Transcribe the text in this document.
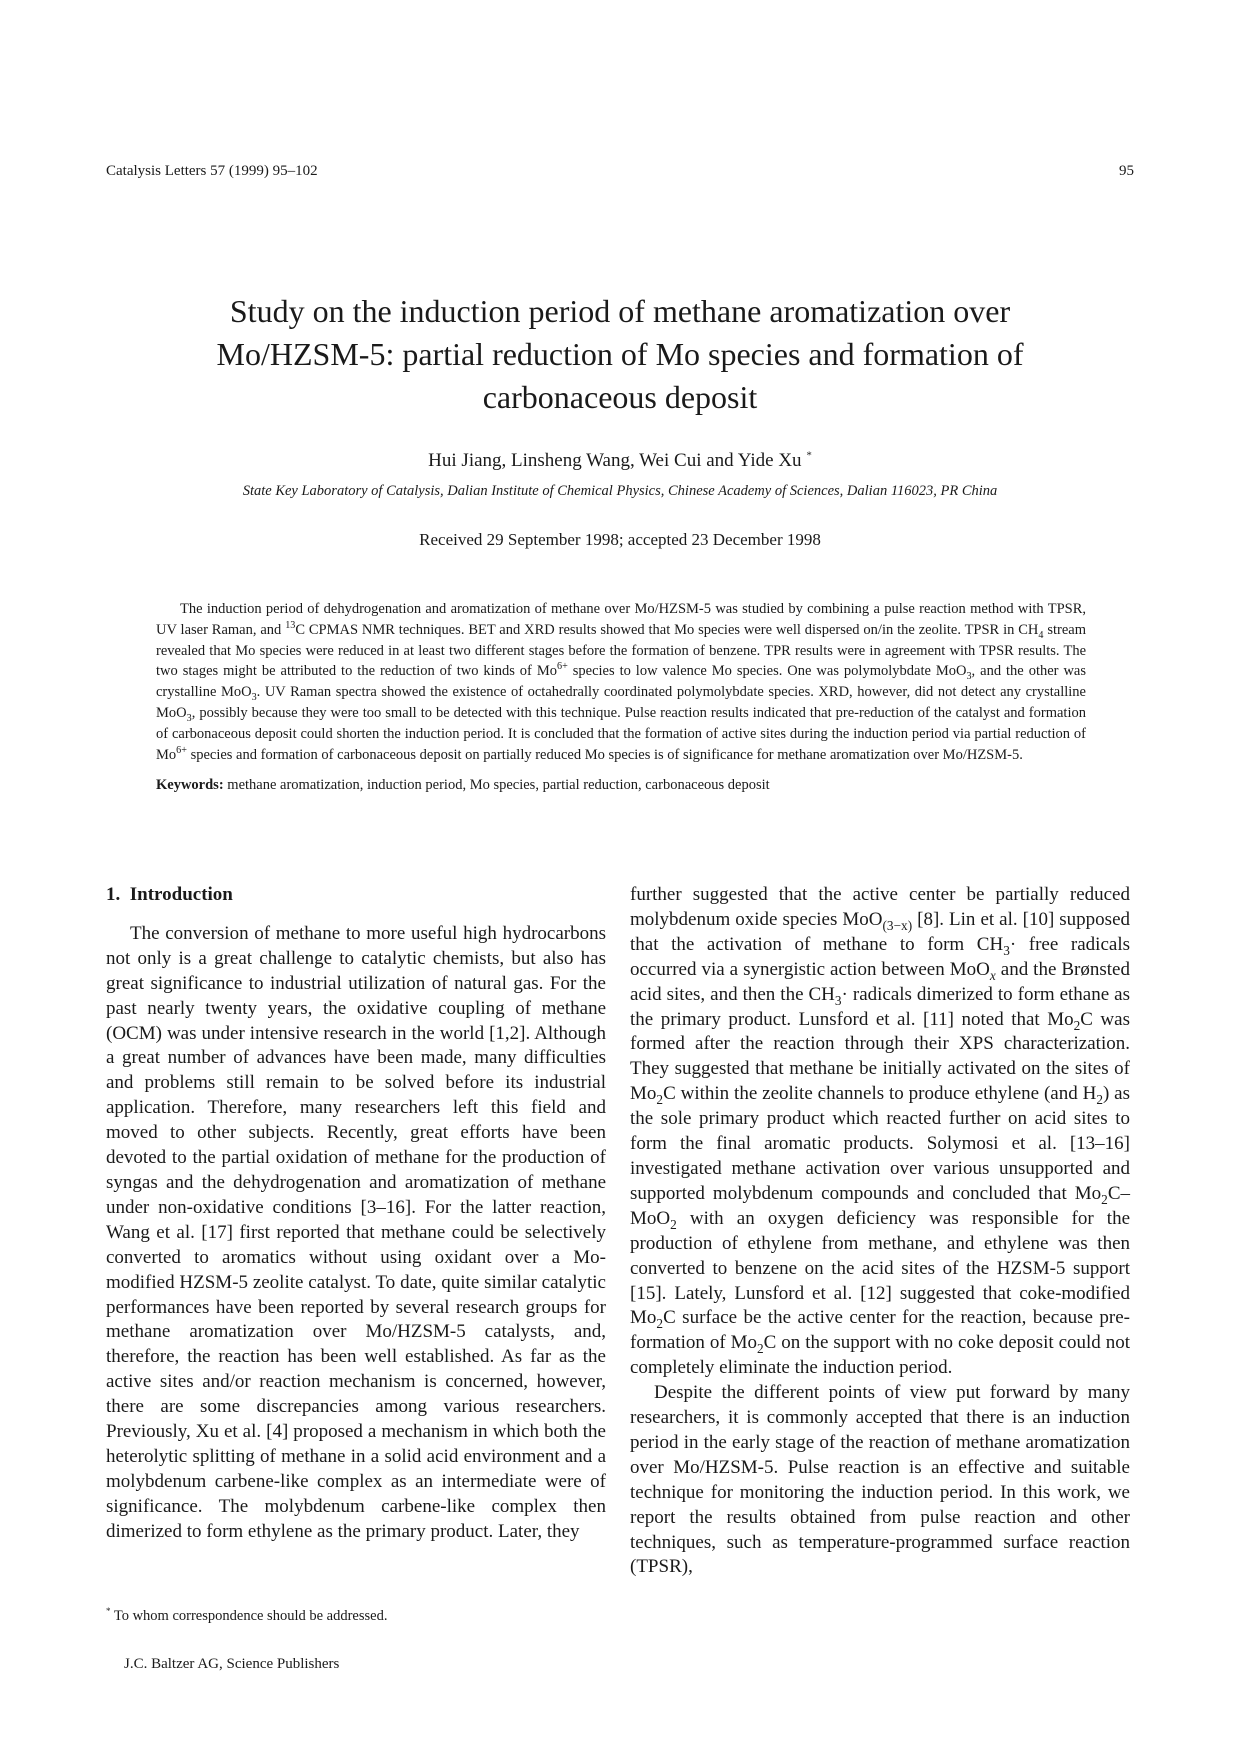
Catalysis Letters 57 (1999) 95–102	95
Study on the induction period of methane aromatization over
Mo/HZSM-5: partial reduction of Mo species and formation of
carbonaceous deposit
Hui Jiang, Linsheng Wang, Wei Cui and Yide Xu *
State Key Laboratory of Catalysis, Dalian Institute of Chemical Physics, Chinese Academy of Sciences, Dalian 116023, PR China
Received 29 September 1998; accepted 23 December 1998

The induction period of dehydrogenation and aromatization of methane over Mo/HZSM-5 was studied by combining a pulse reaction method with TPSR, UV laser Raman, and $^{13}$C CPMAS NMR techniques. BET and XRD results showed that Mo species were well dispersed on/in the zeolite. TPSR in $CH_4$ stream revealed that Mo species were reduced in at least two different stages before the formation of benzene. TPR results were in agreement with TPSR results. The two stages might be attributed to the reduction of two kinds of $Mo^{6+}$ species to low valence Mo species. One was polymolybdate MoO$_3$, and the other was crystalline MoO$_3$. UV Raman spectra showed the existence of octahedrally coordinated polymolybdate species. XRD, however, did not detect any crystalline MoO$_3$, possibly because they were too small to be detected with this technique. Pulse reaction results indicated that pre-reduction of the catalyst and formation of carbonaceous deposit could shorten the induction period. It is concluded that the formation of active sites during the induction period via partial reduction of $Mo^{6+}$ species and formation of carbonaceous deposit on partially reduced Mo species is of significance for methane aromatization over Mo/HZSM-5.

Keywords: methane aromatization, induction period, Mo species, partial reduction, carbonaceous deposit

1. Introduction

The conversion of methane to more useful high hydrocarbons not only is a great challenge to catalytic chemists, but also has great significance to industrial utilization of natural gas. For the past nearly twenty years, the oxidative coupling of methane (OCM) was under intensive research in the world [1,2]. Although a great number of advances have been made, many difficulties and problems still remain to be solved before its industrial application. Therefore, many researchers left this field and moved to other subjects. Recently, great efforts have been devoted to the partial oxidation of methane for the production of syngas and the dehydrogenation and aromatization of methane under non-oxidative conditions [3–16]. For the latter reaction, Wang et al. [17] first reported that methane could be selectively converted to aromatics without using oxidant over a Mo-modified HZSM-5 zeolite catalyst. To date, quite similar catalytic performances have been reported by several research groups for methane aromatization over Mo/HZSM-5 catalysts, and, therefore, the reaction has been well established. As far as the active sites and/or reaction mechanism is concerned, however, there are some discrepancies among various researchers. Previously, Xu et al. [4] proposed a mechanism in which both the heterolytic splitting of methane in a solid acid environment and a molybdenum carbene-like complex as an intermediate were of significance. The molybdenum carbene-like complex then dimerized to form ethylene as the primary product. Later, they

further suggested that the active center be partially reduced molybdenum oxide species MoO$_{(3-x)}$ [8]. Lin et al. [10] supposed that the activation of methane to form $CH_3\cdot$ free radicals occurred via a synergistic action between MoO$_x$ and the Brønsted acid sites, and then the $CH_3\cdot$ radicals dimerized to form ethane as the primary product. Lunsford et al. [11] noted that $Mo_2C$ was formed after the reaction through their XPS characterization. They suggested that methane be initially activated on the sites of $Mo_2C$ within the zeolite channels to produce ethylene (and $H_2$) as the sole primary product which reacted further on acid sites to form the final aromatic products. Solymosi et al. [13–16] investigated methane activation over various unsupported and supported molybdenum compounds and concluded that $Mo_2C-MoO_2$ with an oxygen deficiency was responsible for the production of ethylene from methane, and ethylene was then converted to benzene on the acid sites of the HZSM-5 support [15]. Lately, Lunsford et al. [12] suggested that coke-modified $Mo_2C$ surface be the active center for the reaction, because pre-formation of $Mo_2C$ on the support with no coke deposit could not completely eliminate the induction period.

Despite the different points of view put forward by many researchers, it is commonly accepted that there is an induction period in the early stage of the reaction of methane aromatization over Mo/HZSM-5. Pulse reaction is an effective and suitable technique for monitoring the induction period. In this work, we report the results obtained from pulse reaction and other techniques, such as temperature-programmed surface reaction (TPSR),

* To whom correspondence should be addressed.
J.C. Baltzer AG, Science Publishers
